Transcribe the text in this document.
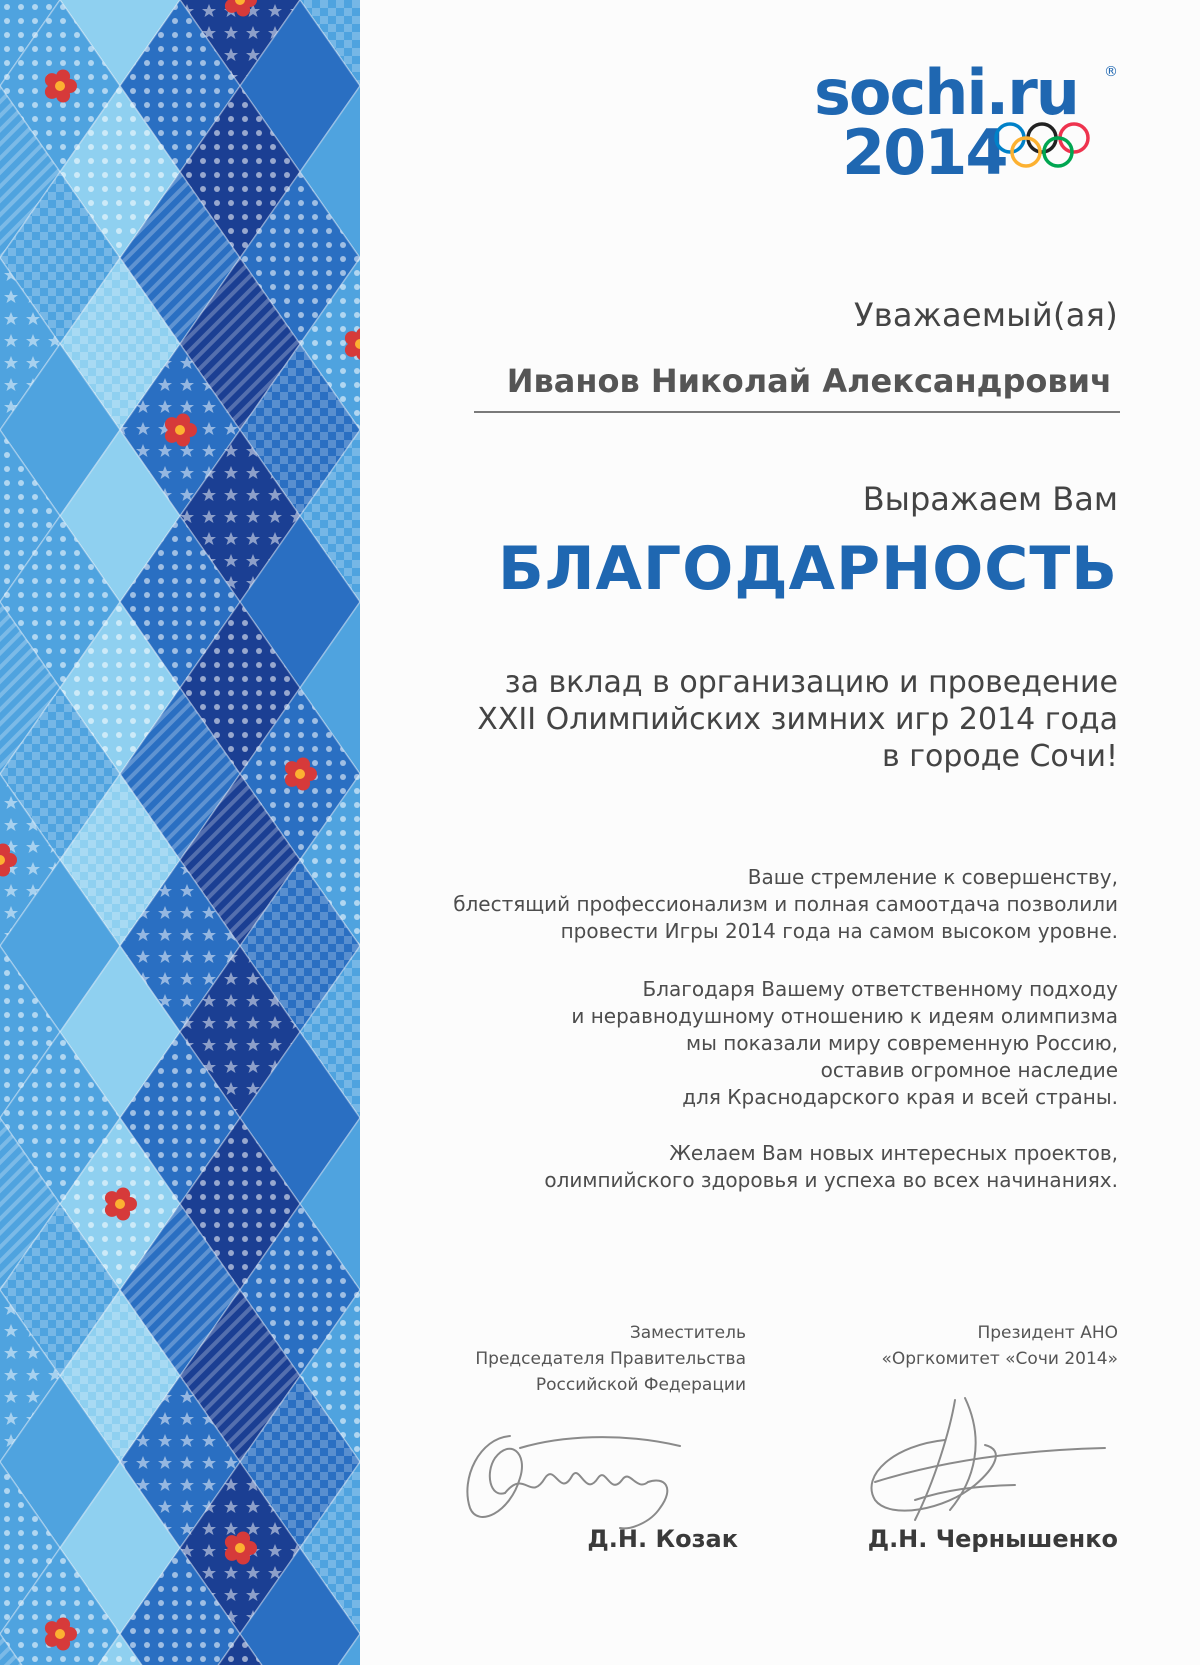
sochi.ru ®
2014
Уважаемый(ая)
Иванов Николай Александрович
Выражаем Вам
БЛАГОДАРНОСТЬ

за вклад в организацию и проведение

XXII Олимпийских зимних игр 2014 года

в городе Сочи!

Ваше стремление к совершенству,

блестящий профессионализм и полная самоотдача позволили

провести Игры 2014 года на самом высоком уровне.

Благодаря Вашему ответственному подходу

и неравнодушному отношению к идеям олимпизма

мы показали миру современную Россию,

оставив огромное наследие

для Краснодарского края и всей страны.

Желаем Вам новых интересных проектов,

олимпийского здоровья и успеха во всех начинаниях.

Заместитель

Председателя Правительства

Российской Федерации

Президент АНО

«Оргкомитет «Сочи 2014»

Д.Н. Козак	Д.Н. Чернышенко
